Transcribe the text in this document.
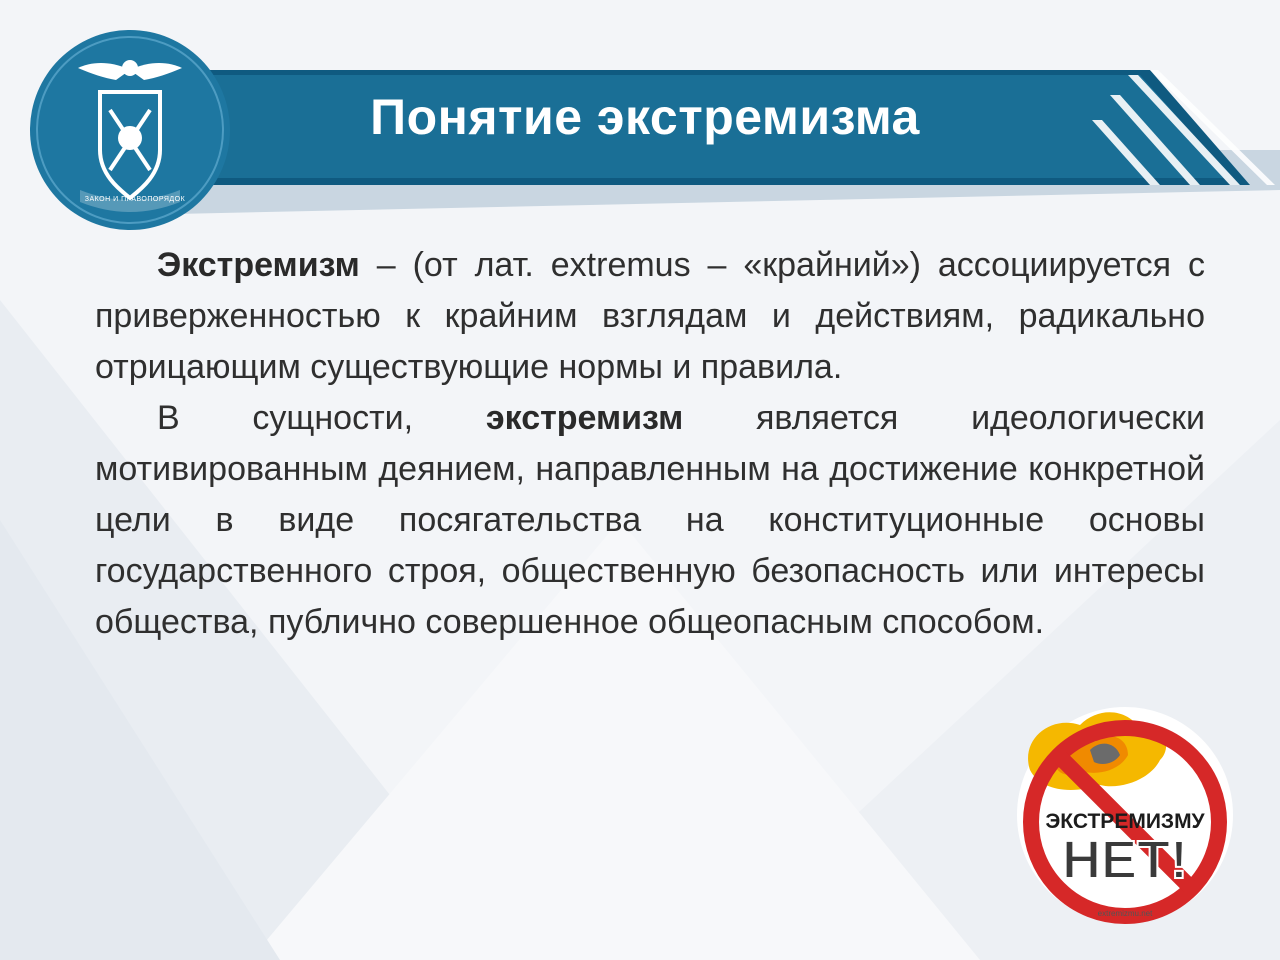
Понятие экстремизма
ЗАКОН И ПРАВОПОРЯДОК

Экстремизм – (от лат. extremus – «крайний») ассоциируется с приверженностью к крайним взглядам и действиям, радикально отрицающим существующие нормы и правила.

В сущности, экстремизм является идеологически мотивированным деянием, направленным на достижение конкретной цели в виде посягательства на конституционные основы государственного строя, общественную безопасность или интересы общества, публично совершенное общеопасным способом.

ЭКСТРЕМИЗМУ
НЕТ!
extremizmu.net
